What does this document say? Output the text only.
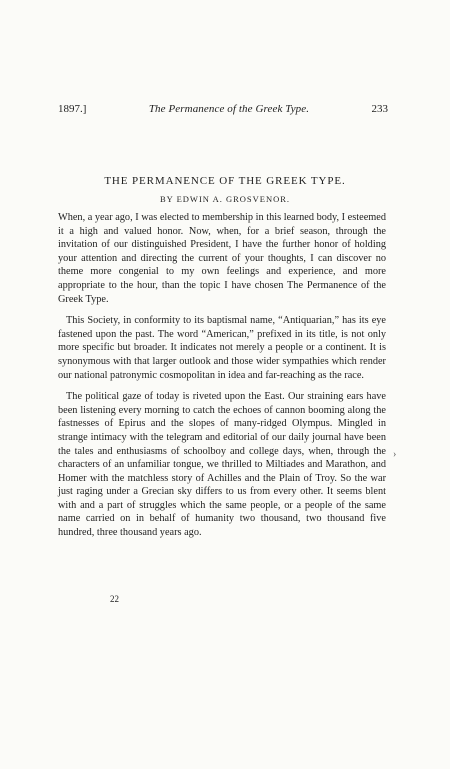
1897.]	The Permanence of the Greek Type.	233
THE PERMANENCE OF THE GREEK TYPE.
BY EDWIN A. GROSVENOR.

When, a year ago, I was elected to membership in this learned body, I esteemed it a high and valued honor. Now, when, for a brief season, through the invitation of our distinguished President, I have the further honor of holding your attention and directing the current of your thoughts, I can discover no theme more congenial to my own feelings and experience, and more appropriate to the hour, than the topic I have chosen The Permanence of the Greek Type.

This Society, in conformity to its baptismal name, “Antiquarian,” has its eye fastened upon the past. The word “American,” prefixed in its title, is not only more specific but broader. It indicates not merely a people or a continent. It is synonymous with that larger outlook and those wider sympathies which render our national patronymic cosmopolitan in idea and far-reaching as the race.

The political gaze of today is riveted upon the East. Our straining ears have been listening every morning to catch the echoes of cannon booming along the fastnesses of Epirus and the slopes of many-ridged Olympus. Mingled in strange intimacy with the telegram and editorial of our daily journal have been the tales and enthusiasms of schoolboy and college days, when, through the characters of an unfamiliar tongue, we thrilled to Miltiades and Marathon, and Homer with the matchless story of Achilles and the Plain of Troy. So the war just raging under a Grecian sky differs to us from every other. It seems blent with and a part of struggles which the same people, or a people of the same name carried on in behalf of humanity two thousand, two thousand five hundred, three thousand years ago.

›
22
